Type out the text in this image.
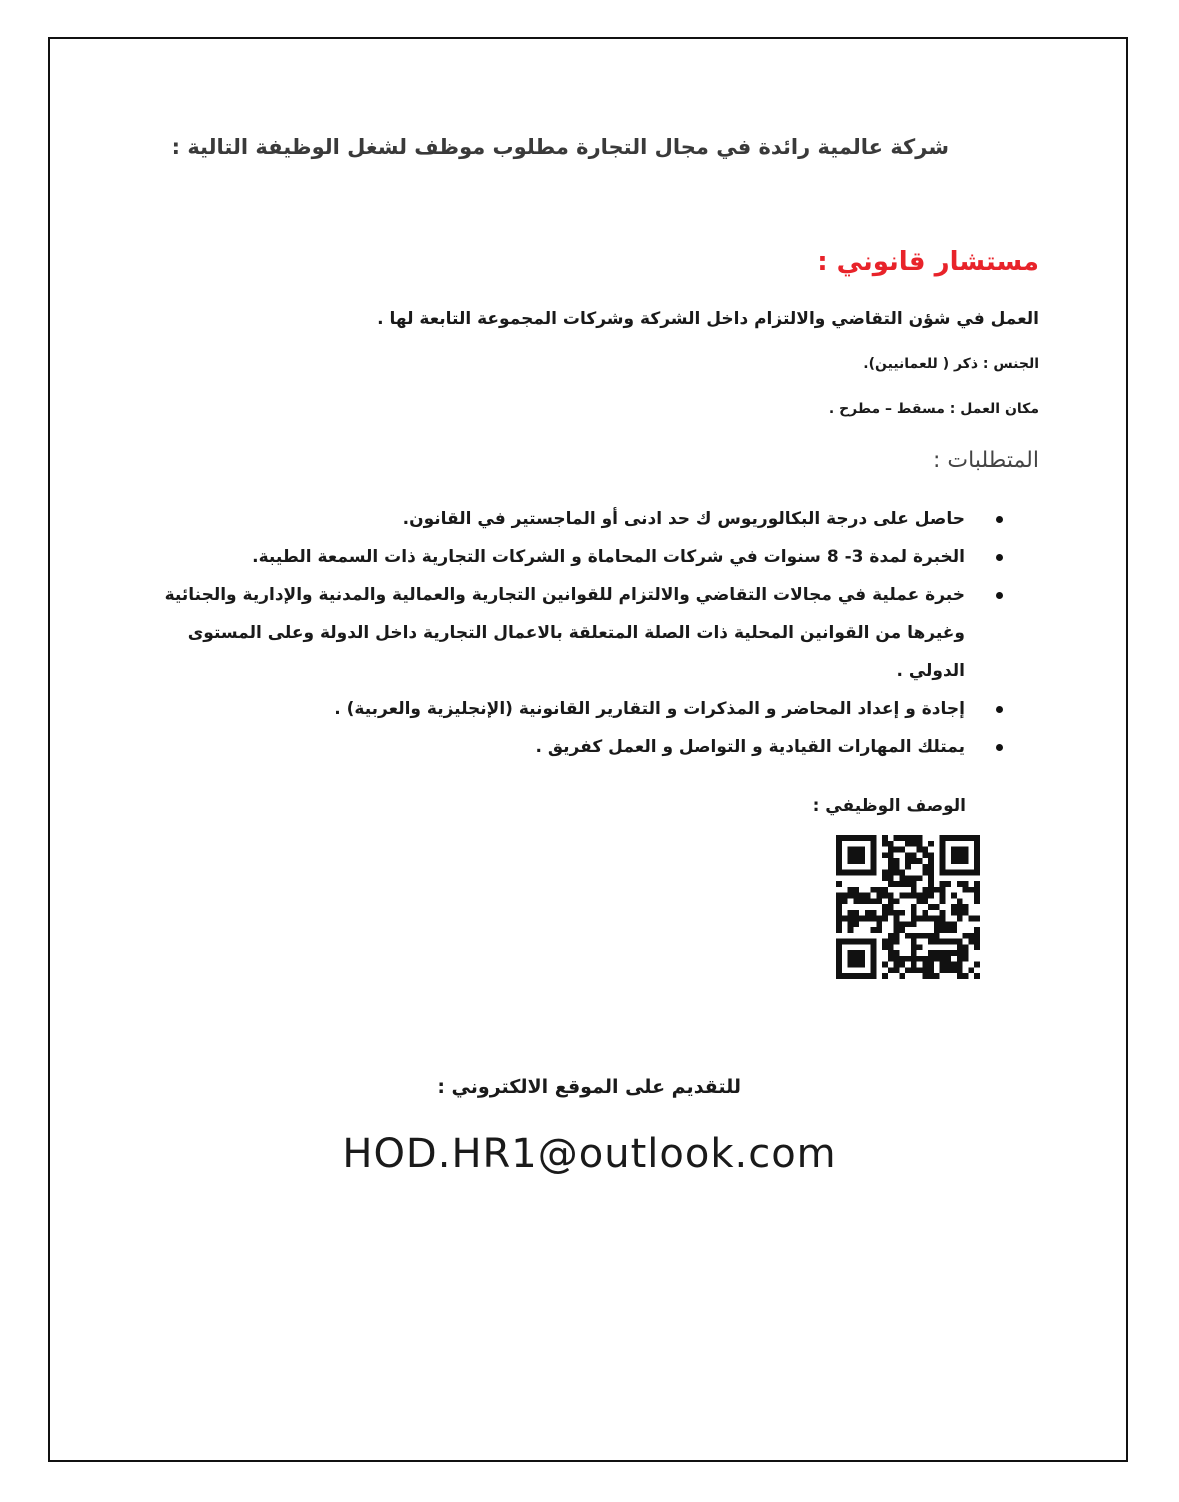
شركة عالمية رائدة في مجال التجارة مطلوب موظف لشغل الوظيفة التالية :

مستشار قانوني :

العمل في شؤن التقاضي والالتزام داخل الشركة وشركات المجموعة التابعة لها .

الجنس : ذكر ( للعمانيين).

مكان العمل : مسقط – مطرح .

المتطلبات :

حاصل على درجة البكالوريوس ك حد ادنى أو الماجستير في القانون.
الخبرة لمدة 3- 8 سنوات في شركات المحاماة و الشركات التجارية ذات السمعة الطيبة.
خبرة عملية في مجالات التقاضي والالتزام للقوانين التجارية والعمالية والمدنية والإدارية والجنائية وغيرها من القوانين المحلية ذات الصلة المتعلقة بالاعمال التجارية داخل الدولة وعلى المستوى الدولي .
إجادة و إعداد المحاضر و المذكرات و التقارير القانونية (الإنجليزية والعربية) .
يمتلك المهارات القيادية و التواصل و العمل كفريق .

الوصف الوظيفي :

للتقديم على الموقع الالكتروني :

HOD.HR1@outlook.com
